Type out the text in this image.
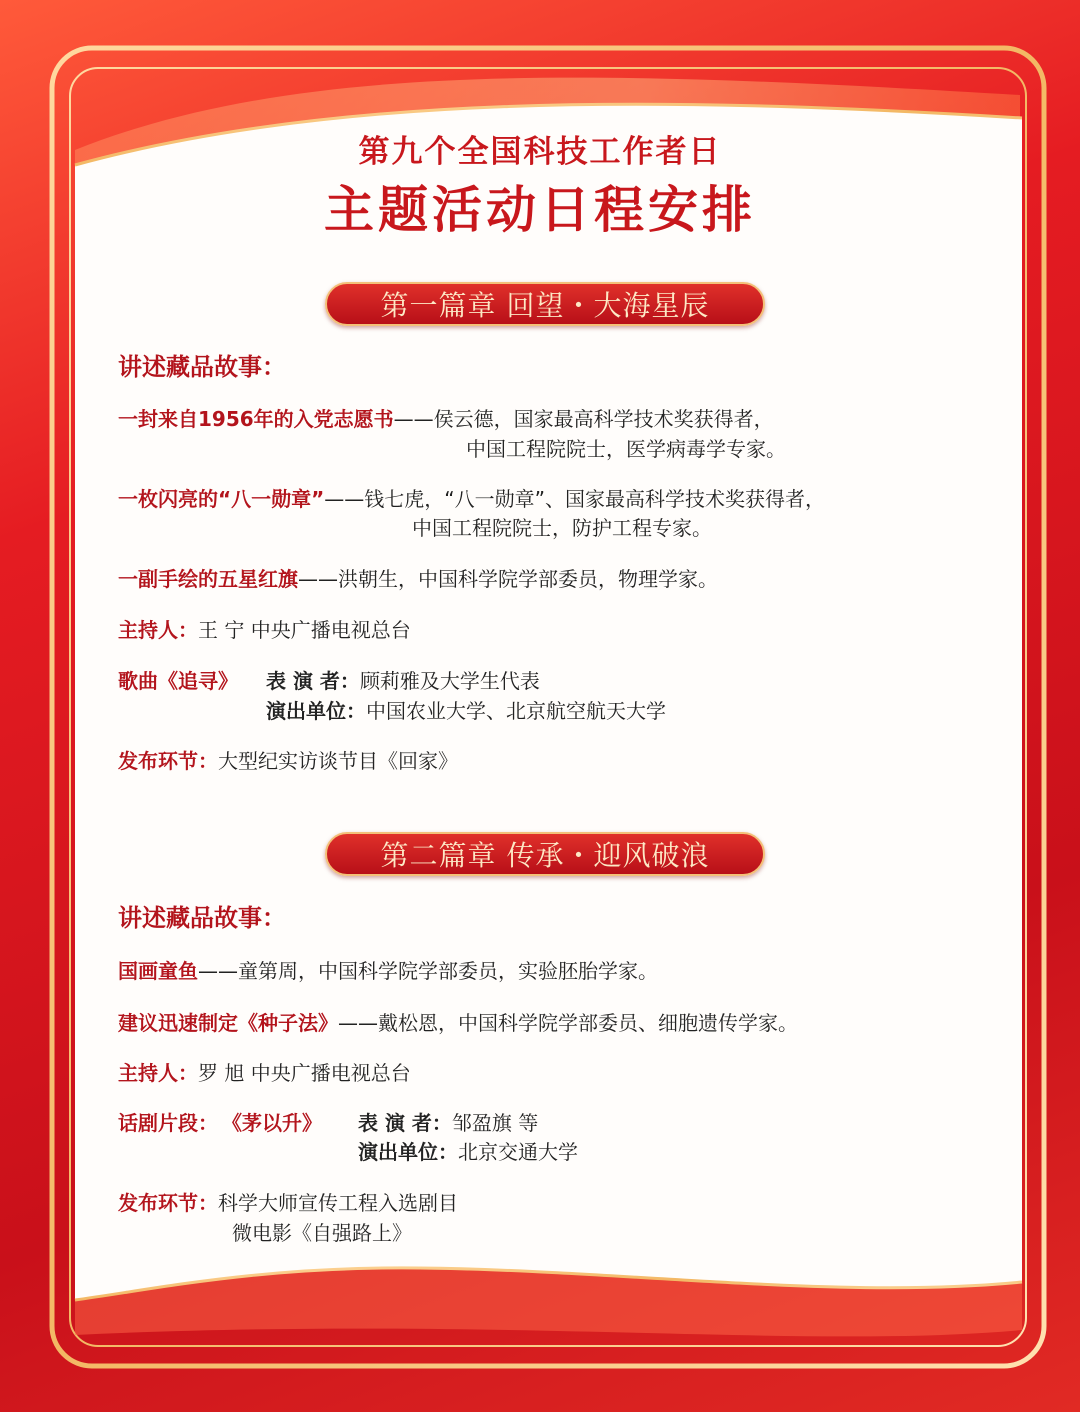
第九个全国科技工作者日
主题活动日程安排
第一篇章 回望・大海星辰
讲述藏品故事：
一封来自1956年的入党志愿书——侯云德，国家最高科学技术奖获得者，
中国工程院院士，医学病毒学专家。
一枚闪亮的“八一勋章”——钱七虎，“八一勋章”、国家最高科学技术奖获得者，
中国工程院院士，防护工程专家。
一副手绘的五星红旗——洪朝生，中国科学院学部委员，物理学家。
主持人：王 宁 中央广播电视总台
歌曲《追寻》 表 演 者：顾莉雅及大学生代表
演出单位：中国农业大学、北京航空航天大学
发布环节：大型纪实访谈节目《回家》
第二篇章 传承・迎风破浪
讲述藏品故事：
国画童鱼——童第周，中国科学院学部委员，实验胚胎学家。
建议迅速制定《种子法》——戴松恩，中国科学院学部委员、细胞遗传学家。
主持人：罗 旭 中央广播电视总台
话剧片段： 《茅以升》 表 演 者：邹盈旗 等
演出单位：北京交通大学
发布环节：科学大师宣传工程入选剧目
微电影《自强路上》
